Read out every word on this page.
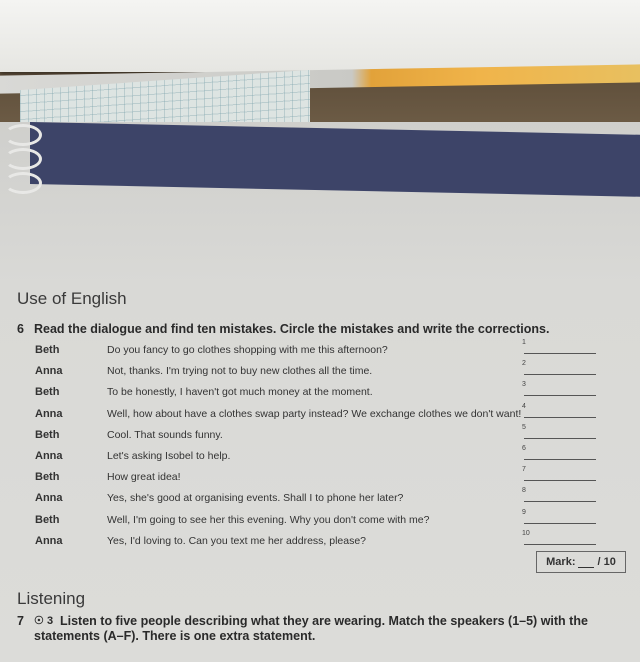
Use of English
6 Read the dialogue and find ten mistakes. Circle the mistakes and write the corrections.
Beth	Do you fancy to go clothes shopping with me this afternoon?
1
Anna	Not, thanks. I'm trying not to buy new clothes all the time.
2
Beth	To be honestly, I haven't got much money at the moment.
3
Anna	Well, how about have a clothes swap party instead? We exchange clothes we don't want!
4
Beth	Cool. That sounds funny.
5
Anna	Let's asking Isobel to help.
6
Beth	How great idea!
7
Anna	Yes, she's good at organising events. Shall I to phone her later?
8
Beth	Well, I'm going to see her this evening. Why you don't come with me?
9
Anna	Yes, I'd loving to. Can you text me her address, please?
10
Mark: / 10
Listening
7 ☉ 3 Listen to five people describing what they are wearing. Match the speakers (1–5) with the
statements (A–F). There is one extra statement.
